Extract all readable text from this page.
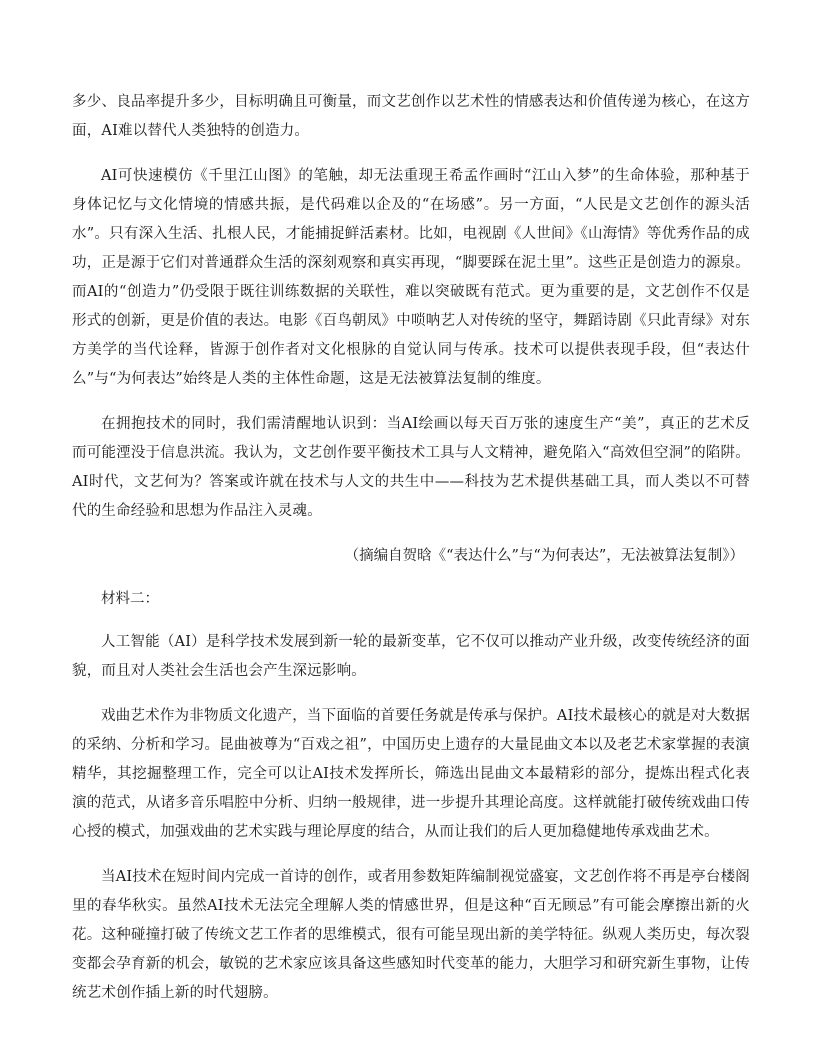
多少、良品率提升多少，目标明确且可衡量，而文艺创作以艺术性的情感表达和价值传递为核心，在这方面，AI难以替代人类独特的创造力。

AI可快速模仿《千里江山图》的笔触，却无法重现王希孟作画时“江山入梦”的生命体验，那种基于身体记忆与文化情境的情感共振，是代码难以企及的“在场感”。另一方面，“人民是文艺创作的源头活水”。只有深入生活、扎根人民，才能捕捉鲜活素材。比如，电视剧《人世间》《山海情》等优秀作品的成功，正是源于它们对普通群众生活的深刻观察和真实再现，“脚要踩在泥土里”。这些正是创造力的源泉。而AI的“创造力”仍受限于既往训练数据的关联性，难以突破既有范式。更为重要的是，文艺创作不仅是形式的创新，更是价值的表达。电影《百鸟朝凤》中唢呐艺人对传统的坚守，舞蹈诗剧《只此青绿》对东方美学的当代诠释，皆源于创作者对文化根脉的自觉认同与传承。技术可以提供表现手段，但“表达什么”与“为何表达”始终是人类的主体性命题，这是无法被算法复制的维度。

在拥抱技术的同时，我们需清醒地认识到：当AI绘画以每天百万张的速度生产“美”，真正的艺术反而可能湮没于信息洪流。我认为，文艺创作要平衡技术工具与人文精神，避免陷入“高效但空洞”的陷阱。AI时代，文艺何为？答案或许就在技术与人文的共生中——科技为艺术提供基础工具，而人类以不可替代的生命经验和思想为作品注入灵魂。

（摘编自贺晗《“表达什么”与“为何表达”，无法被算法复制》）

材料二：

人工智能（AI）是科学技术发展到新一轮的最新变革，它不仅可以推动产业升级，改变传统经济的面貌，而且对人类社会生活也会产生深远影响。

戏曲艺术作为非物质文化遗产，当下面临的首要任务就是传承与保护。AI技术最核心的就是对大数据的采纳、分析和学习。昆曲被尊为“百戏之祖”，中国历史上遗存的大量昆曲文本以及老艺术家掌握的表演精华，其挖掘整理工作，完全可以让AI技术发挥所长，筛选出昆曲文本最精彩的部分，提炼出程式化表演的范式，从诸多音乐唱腔中分析、归纳一般规律，进一步提升其理论高度。这样就能打破传统戏曲口传心授的模式，加强戏曲的艺术实践与理论厚度的结合，从而让我们的后人更加稳健地传承戏曲艺术。

当AI技术在短时间内完成一首诗的创作，或者用参数矩阵编制视觉盛宴，文艺创作将不再是亭台楼阁里的春华秋实。虽然AI技术无法完全理解人类的情感世界，但是这种“百无顾忌”有可能会摩擦出新的火花。这种碰撞打破了传统文艺工作者的思维模式，很有可能呈现出新的美学特征。纵观人类历史，每次裂变都会孕育新的机会，敏锐的艺术家应该具备这些感知时代变革的能力，大胆学习和研究新生事物，让传统艺术创作插上新的时代翅膀。
